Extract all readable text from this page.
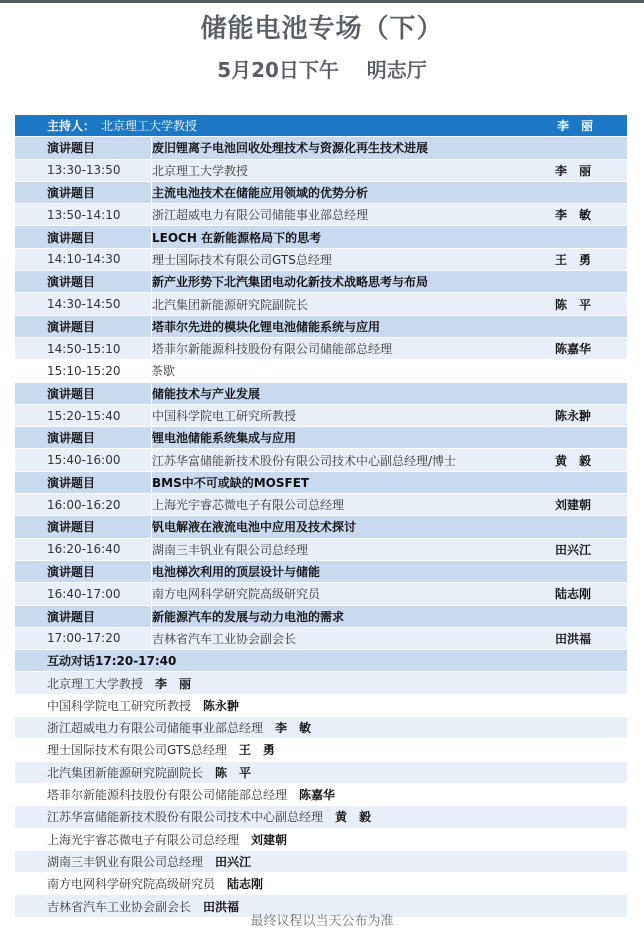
储能电池专场（下）
5月20日下午    明志厅
主持人： 北京理工大学教授	李　丽
演讲题目	废旧锂离子电池回收处理技术与资源化再生技术进展
13:30-13:50	北京理工大学教授	李　丽
演讲题目	主流电池技术在储能应用领域的优势分析
13:50-14:10	浙江超威电力有限公司储能事业部总经理	李　敏
演讲题目	LEOCH 在新能源格局下的思考
14:10-14:30	理士国际技术有限公司GTS总经理	王　勇
演讲题目	新产业形势下北汽集团电动化新技术战略思考与布局
14:30-14:50	北汽集团新能源研究院副院长	陈　平
演讲题目	塔菲尔先进的模块化锂电池储能系统与应用
14:50-15:10	塔菲尔新能源科技股份有限公司储能部总经理	陈嘉华
15:10-15:20	茶歇
演讲题目	储能技术与产业发展
15:20-15:40	中国科学院电工研究所教授	陈永翀
演讲题目	锂电池储能系统集成与应用
15:40-16:00	江苏华富储能新技术股份有限公司技术中心副总经理/博士	黄　毅
演讲题目	BMS中不可或缺的MOSFET
16:00-16:20	上海光宇睿芯微电子有限公司总经理	刘建朝
演讲题目	钒电解液在液流电池中应用及技术探讨
16:20-16:40	湖南三丰钒业有限公司总经理	田兴江
演讲题目	电池梯次利用的顶层设计与储能
16:40-17:00	南方电网科学研究院高级研究员	陆志刚
演讲题目	新能源汽车的发展与动力电池的需求
17:00-17:20	吉林省汽车工业协会副会长	田洪福
互动对话17:20-17:40
北京理工大学教授	李　丽
中国科学院电工研究所教授	陈永翀
浙江超威电力有限公司储能事业部总经理	李　敏
理士国际技术有限公司GTS总经理	王　勇
北汽集团新能源研究院副院长	陈　平
塔菲尔新能源科技股份有限公司储能部总经理	陈嘉华
江苏华富储能新技术股份有限公司技术中心副总经理	黄　毅
上海光宇睿芯微电子有限公司总经理	刘建朝
湖南三丰钒业有限公司总经理	田兴江
南方电网科学研究院高级研究员	陆志刚
吉林省汽车工业协会副会长	田洪福
最终议程以当天公布为准
